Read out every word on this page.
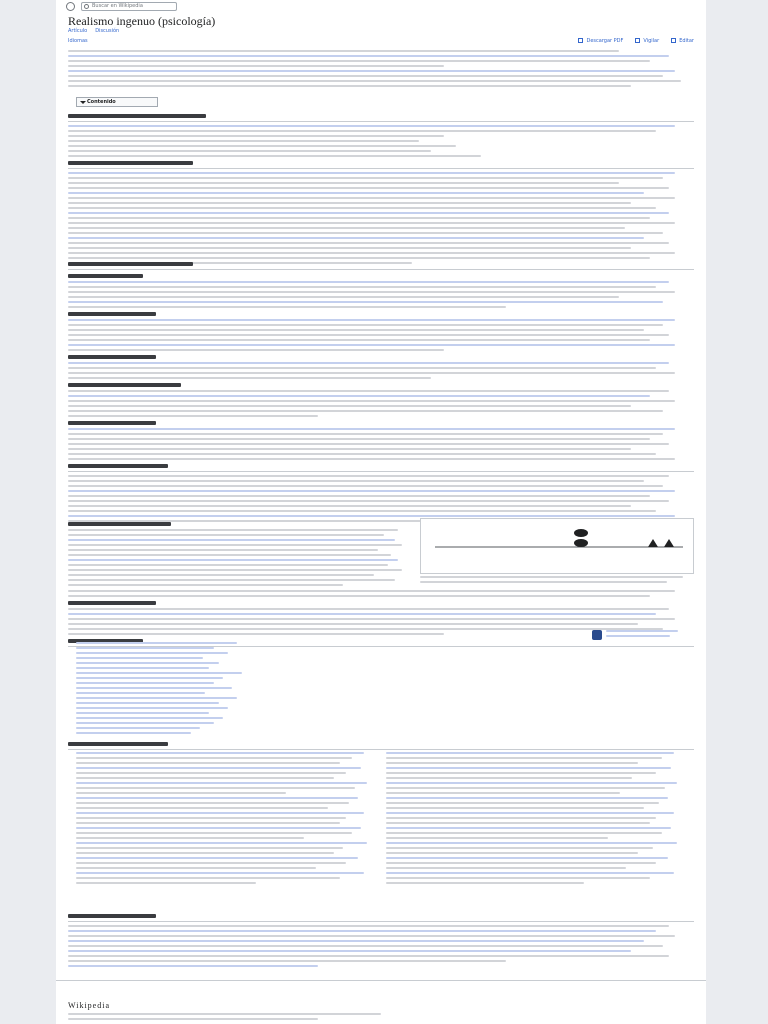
Buscar en Wikipedia
Realismo ingenuo (psicología)
Artículo Discusión
Idiomas	Descargar PDF	Vigilar	Editar
Contenido
Wikipedia
